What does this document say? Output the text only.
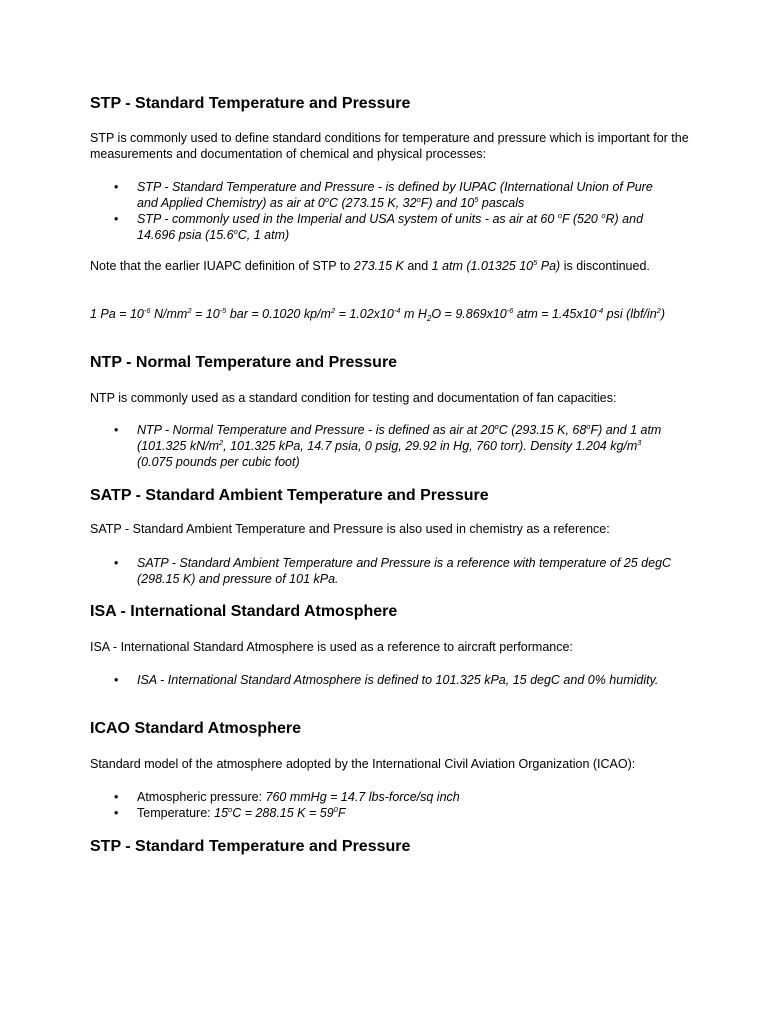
STP - Standard Temperature and Pressure

STP is commonly used to define standard conditions for temperature and pressure which is important for the measurements and documentation of chemical and physical processes:

• STP - Standard Temperature and Pressure - is defined by IUPAC (International Union of Pure and Applied Chemistry) as air at 0$^o$C (273.15 K, 32$^o$F) and $10^5$ pascals
• STP - commonly used in the Imperial and USA system of units - as air at 60 $^o$F (520 $^o$R) and 14.696 psia (15.6$^o$C, 1 atm)

Note that the earlier IUAPC definition of STP to 273.15 K and 1 atm (1.01325 $10^5$ Pa) is discontinued.

1 $Pa = 10^{-6}$ $N/mm^2 = 10^{-5}$ bar = 0.1020 $kp/m^2 = 1.02x10^{-4}$ m $H_2O = 9.869x10^{-6}$ atm = $1.45x10^{-4}$ psi $(lbf/in^2)$

NTP - Normal Temperature and Pressure

NTP is commonly used as a standard condition for testing and documentation of fan capacities:

• NTP - Normal Temperature and Pressure - is defined as air at 20$^o$C (293.15 K, 68$^o$F) and 1 atm (101.325 $kN/m^2$, 101.325 kPa, 14.7 psia, 0 psig, 29.92 in Hg, 760 torr). Density 1.204 $kg/m^3$ (0.075 pounds per cubic foot)
SATP - Standard Ambient Temperature and Pressure

SATP - Standard Ambient Temperature and Pressure is also used in chemistry as a reference:

• SATP - Standard Ambient Temperature and Pressure is a reference with temperature of 25 degC (298.15 K) and pressure of 101 kPa.
ISA - International Standard Atmosphere

ISA - International Standard Atmosphere is used as a reference to aircraft performance:

• ISA - International Standard Atmosphere is defined to 101.325 kPa, 15 degC and 0% humidity.
ICAO Standard Atmosphere

Standard model of the atmosphere adopted by the International Civil Aviation Organization (ICAO):

• Atmospheric pressure: 760 mmHg = 14.7 lbs-force/sq inch
• Temperature: $15^oC = 288.15$ $K = 59^0F$
STP - Standard Temperature and Pressure
